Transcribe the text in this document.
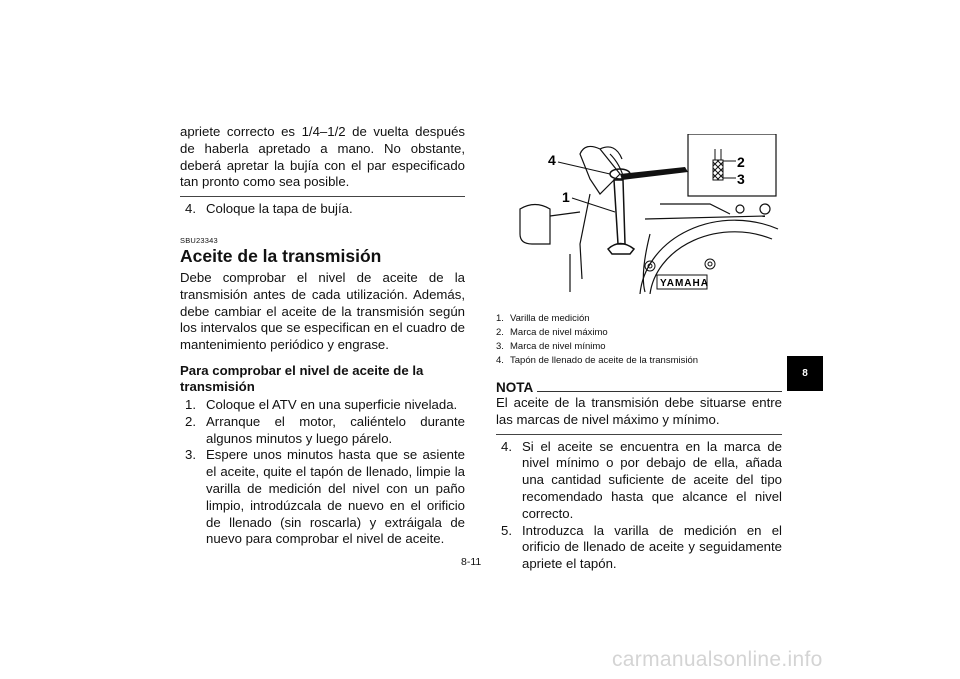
apriete correcto es 1/4–1/2 de vuelta después de haberla apretado a mano. No obstante, deberá apretar la bujía con el par especificado tan pronto como sea posible.

4. Coloque la tapa de bujía.
SBU23343
Aceite de la transmisión

Debe comprobar el nivel de aceite de la transmisión antes de cada utilización. Además, debe cambiar el aceite de la transmisión según los intervalos que se especifican en el cuadro de mantenimiento periódico y engrase.

Para comprobar el nivel de aceite de la transmisión
1. Coloque el ATV en una superficie nivelada.
2. Arranque el motor, caliéntelo durante algunos minutos y luego párelo.
3. Espere unos minutos hasta que se asiente el aceite, quite el tapón de llenado, limpie la varilla de medición del nivel con un paño limpio, introdúzcala de nuevo en el orificio de llenado (sin roscarla) y extráigala de nuevo para comprobar el nivel de aceite.
2
3
4
1
YAMAHA
1. Varilla de medición
2. Marca de nivel máximo
3. Marca de nivel mínimo
4. Tapón de llenado de aceite de la transmisión
NOTA

El aceite de la transmisión debe situarse entre las marcas de nivel máximo y mínimo.

4. Si el aceite se encuentra en la marca de nivel mínimo o por debajo de ella, añada una cantidad suficiente de aceite del tipo recomendado hasta que alcance el nivel correcto.
5. Introduzca la varilla de medición en el orificio de llenado de aceite y seguidamente apriete el tapón.
8-11
8
carmanualsonline.info
